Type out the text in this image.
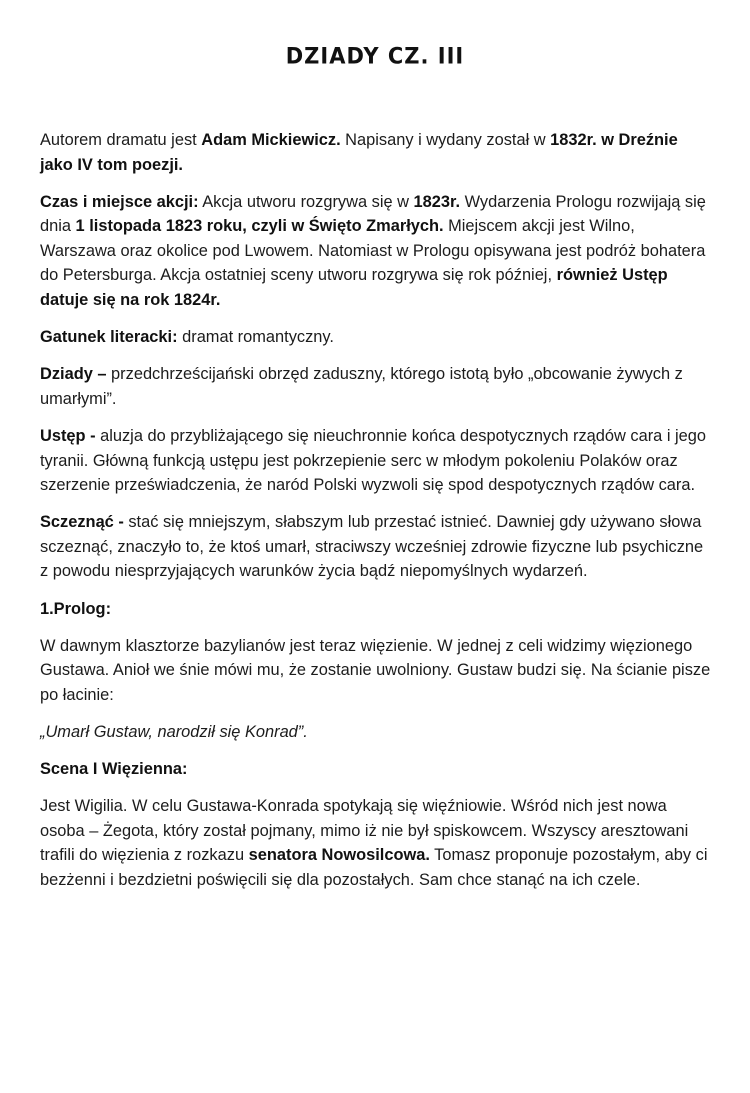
DZIADY CZ. III

Autorem dramatu jest Adam Mickiewicz. Napisany i wydany został w 1832r. w Dreźnie jako IV tom poezji.

Czas i miejsce akcji: Akcja utworu rozgrywa się w 1823r. Wydarzenia Prologu rozwijają się dnia 1 listopada 1823 roku, czyli w Święto Zmarłych. Miejscem akcji jest Wilno, Warszawa oraz okolice pod Lwowem. Natomiast w Prologu opisywana jest podróż bohatera do Petersburga. Akcja ostatniej sceny utworu rozgrywa się rok później, również Ustęp datuje się na rok 1824r.

Gatunek literacki: dramat romantyczny.

Dziady – przedchrześcijański obrzęd zaduszny, którego istotą było „obcowanie żywych z umarłymi”.

Ustęp - aluzja do przybliżającego się nieuchronnie końca despotycznych rządów cara i jego tyranii. Główną funkcją ustępu jest pokrzepienie serc w młodym pokoleniu Polaków oraz szerzenie przeświadczenia, że naród Polski wyzwoli się spod despotycznych rządów cara.

Sczeznąć - stać się mniejszym, słabszym lub przestać istnieć. Dawniej gdy używano słowa sczeznąć, znaczyło to, że ktoś umarł, straciwszy wcześniej zdrowie fizyczne lub psychiczne z powodu niesprzyjających warunków życia bądź niepomyślnych wydarzeń.

1.Prolog:

W dawnym klasztorze bazylianów jest teraz więzienie. W jednej z celi widzimy więzionego Gustawa. Anioł we śnie mówi mu, że zostanie uwolniony. Gustaw budzi się. Na ścianie pisze po łacinie:

„Umarł Gustaw, narodził się Konrad”.

Scena I Więzienna:

Jest Wigilia. W celu Gustawa-Konrada spotykają się więźniowie. Wśród nich jest nowa osoba – Żegota, który został pojmany, mimo iż nie był spiskowcem. Wszyscy aresztowani trafili do więzienia z rozkazu senatora Nowosilcowa. Tomasz proponuje pozostałym, aby ci bezżenni i bezdzietni poświęcili się dla pozostałych. Sam chce stanąć na ich czele.
